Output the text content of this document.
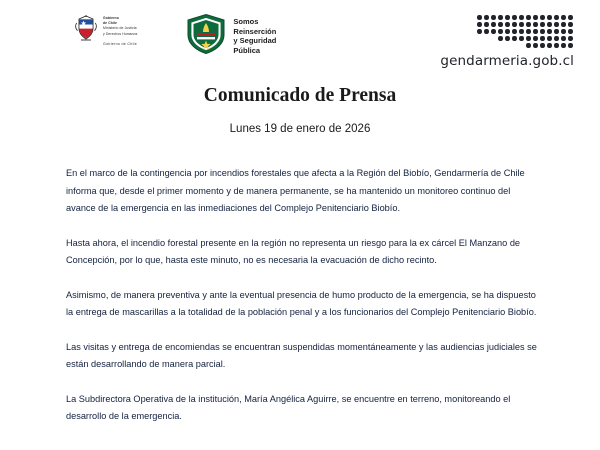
Gobierno
de Chile
Ministerio de Justicia
y Derechos Humanos
Gobierno de Chile
Somos
Reinserción
y Seguridad
Pública
gendarmeria.gob.cl
Comunicado de Prensa
Lunes 19 de enero de 2026

En el marco de la contingencia por incendios forestales que afecta a la Región del Biobío, Gendarmería de Chile informa que, desde el primer momento y de manera permanente, se ha mantenido un monitoreo continuo del avance de la emergencia en las inmediaciones del Complejo Penitenciario Biobío.

Hasta ahora, el incendio forestal presente en la región no representa un riesgo para la ex cárcel El Manzano de Concepción, por lo que, hasta este minuto, no es necesaria la evacuación de dicho recinto.

Asimismo, de manera preventiva y ante la eventual presencia de humo producto de la emergencia, se ha dispuesto la entrega de mascarillas a la totalidad de la población penal y a los funcionarios del Complejo Penitenciario Biobío.

Las visitas y entrega de encomiendas se encuentran suspendidas momentáneamente y las audiencias judiciales se están desarrollando de manera parcial.

La Subdirectora Operativa de la institución, María Angélica Aguirre, se encuentre en terreno, monitoreando el desarrollo de la emergencia.
